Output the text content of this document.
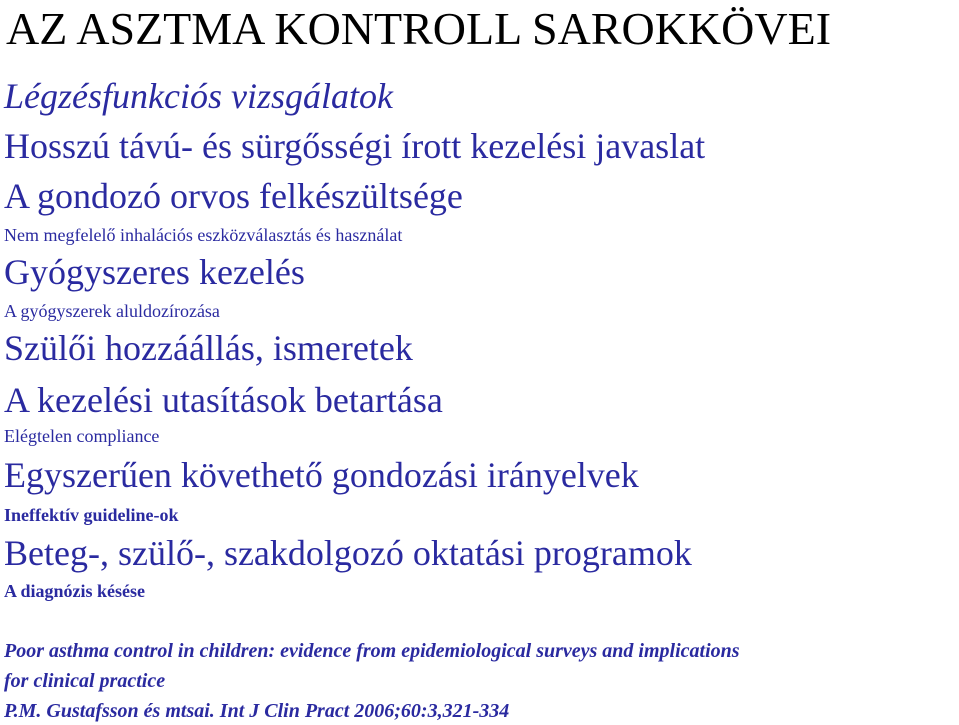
AZ ASZTMA KONTROLL SAROKKÖVEI
Légzésfunkciós vizsgálatok
Hosszú távú- és sürgősségi írott kezelési javaslat
A gondozó orvos felkészültsége
Nem megfelelő inhalációs eszközválasztás és használat
Gyógyszeres kezelés
A gyógyszerek aluldozírozása
Szülői hozzáállás, ismeretek
A kezelési utasítások betartása
Elégtelen compliance
Egyszerűen követhető gondozási irányelvek
Ineffektív guideline-ok
Beteg-, szülő-, szakdolgozó oktatási programok
A diagnózis késése
Poor asthma control in children: evidence from epidemiological surveys and implications
for clinical practice
P.M. Gustafsson és mtsai. Int J Clin Pract 2006;60:3,321-334
